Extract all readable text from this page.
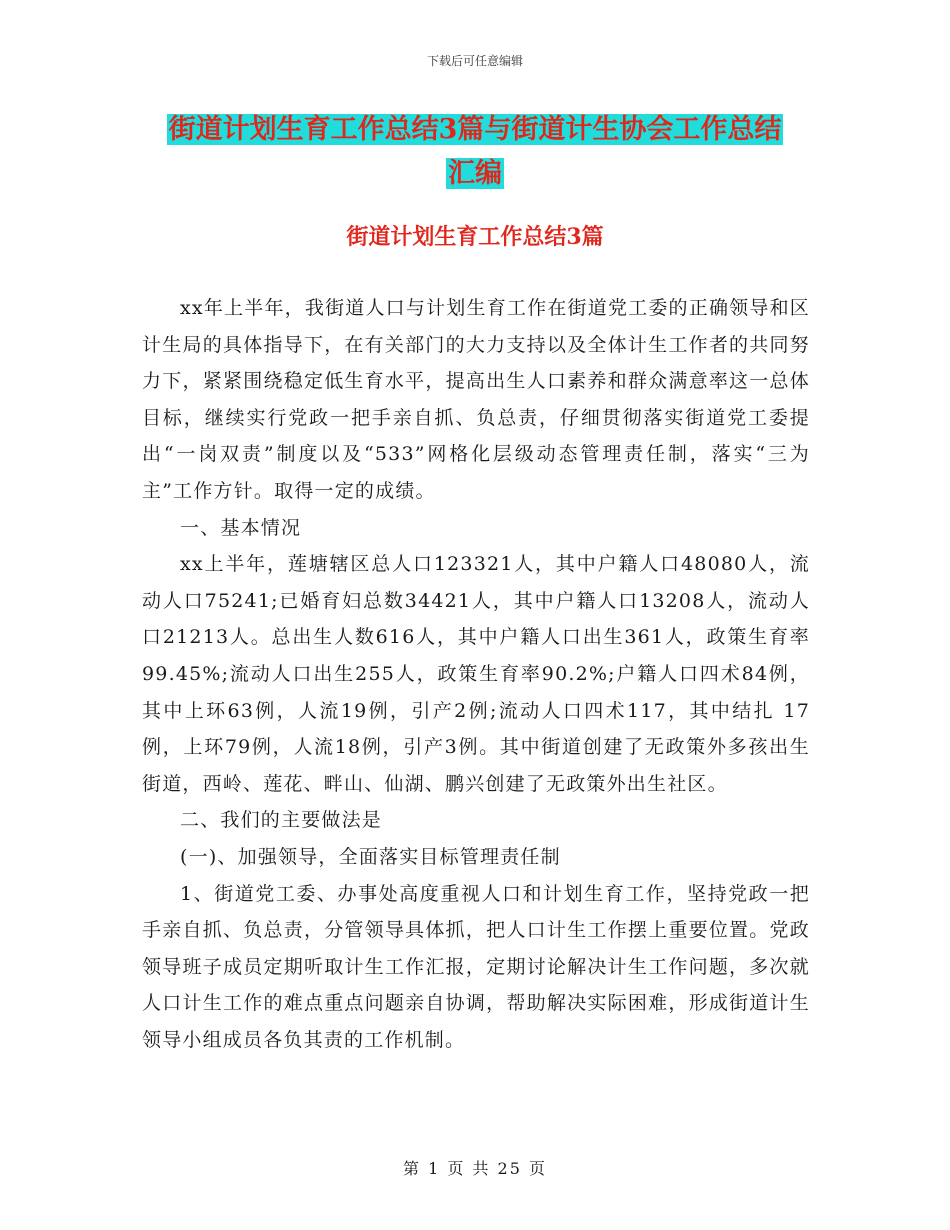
下载后可任意编辑
街道计划生育工作总结3篇与街道计生协会工作总结
汇编
街道计划生育工作总结3篇

xx年上半年，我街道人口与计划生育工作在街道党工委的正确领导和区计生局的具体指导下，在有关部门的大力支持以及全体计生工作者的共同努力下，紧紧围绕稳定低生育水平，提高出生人口素养和群众满意率这一总体目标，继续实行党政一把手亲自抓、负总责，仔细贯彻落实街道党工委提出“一岗双责”制度以及“533”网格化层级动态管理责任制，落实“三为主”工作方针。取得一定的成绩。

一、基本情况

xx上半年，莲塘辖区总人口123321人，其中户籍人口48080人，流动人口75241;已婚育妇总数34421人，其中户籍人口13208人，流动人口21213人。总出生人数616人，其中户籍人口出生361人，政策生育率 99.45%;流动人口出生255人，政策生育率90.2%;户籍人口四术84例，其中上环63例，人流19例，引产2例;流动人口四术117，其中结扎 17例，上环79例，人流18例，引产3例。其中街道创建了无政策外多孩出生街道，西岭、莲花、畔山、仙湖、鹏兴创建了无政策外出生社区。

二、我们的主要做法是

(一)、加强领导，全面落实目标管理责任制

1、街道党工委、办事处高度重视人口和计划生育工作，坚持党政一把手亲自抓、负总责，分管领导具体抓，把人口计生工作摆上重要位置。党政领导班子成员定期听取计生工作汇报，定期讨论解决计生工作问题，多次就人口计生工作的难点重点问题亲自协调，帮助解决实际困难，形成街道计生领导小组成员各负其责的工作机制。

第 1 页 共 25 页
